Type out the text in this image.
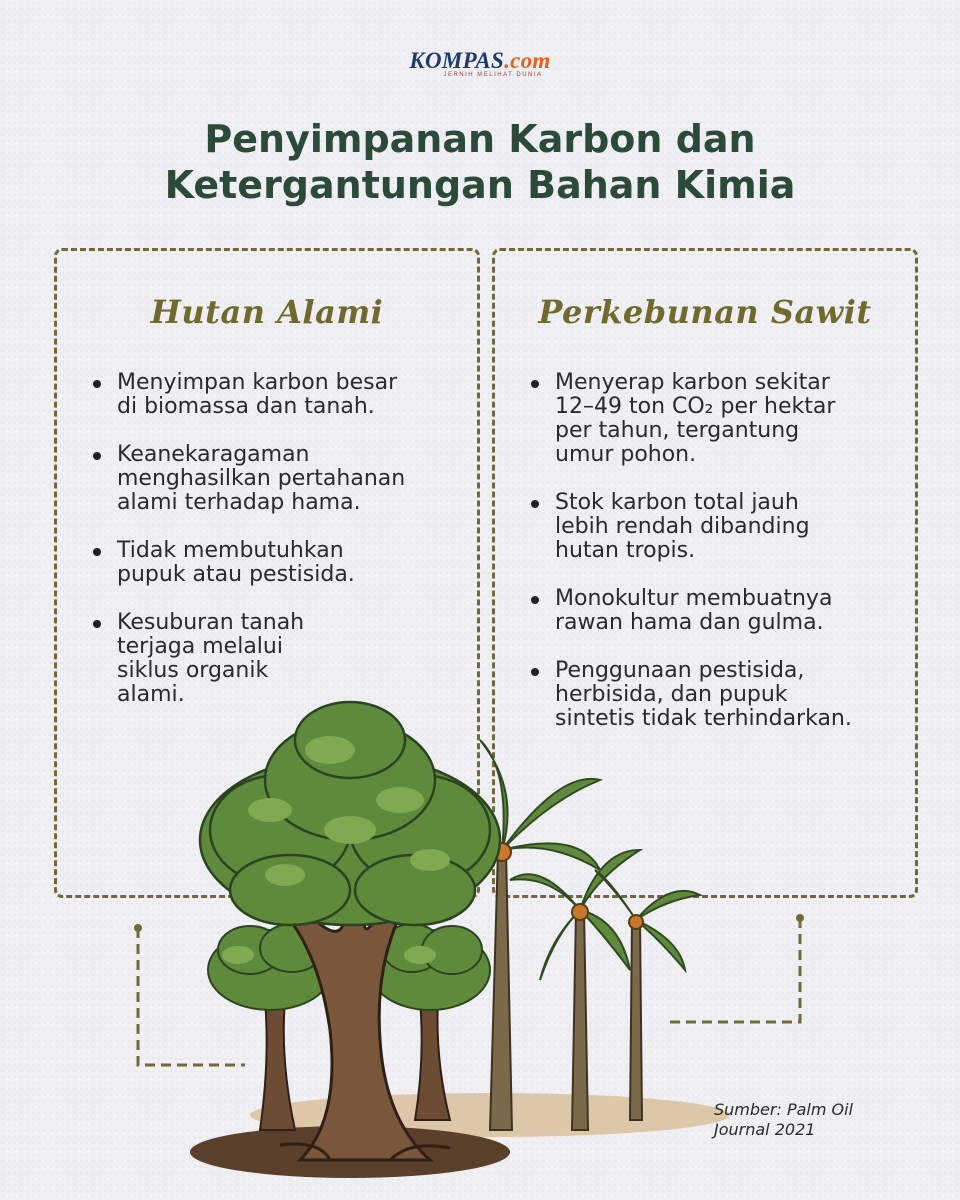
KOMPAS.com
JERNIH MELIHAT DUNIA
Penyimpanan Karbon dan
Ketergantungan Bahan Kimia
Hutan Alami
Menyimpan karbon besar
di biomassa dan tanah.
Keanekaragaman
menghasilkan pertahanan
alami terhadap hama.
Tidak membutuhkan
pupuk atau pestisida.
Kesuburan tanah
terjaga melalui
siklus organik
alami.
Perkebunan Sawit
Menyerap karbon sekitar
12–49 ton CO₂ per hektar
per tahun, tergantung
umur pohon.
Stok karbon total jauh
lebih rendah dibanding
hutan tropis.
Monokultur membuatnya
rawan hama dan gulma.
Penggunaan pestisida,
herbisida, dan pupuk
sintetis tidak terhindarkan.
Sumber: Palm Oil
Journal 2021
